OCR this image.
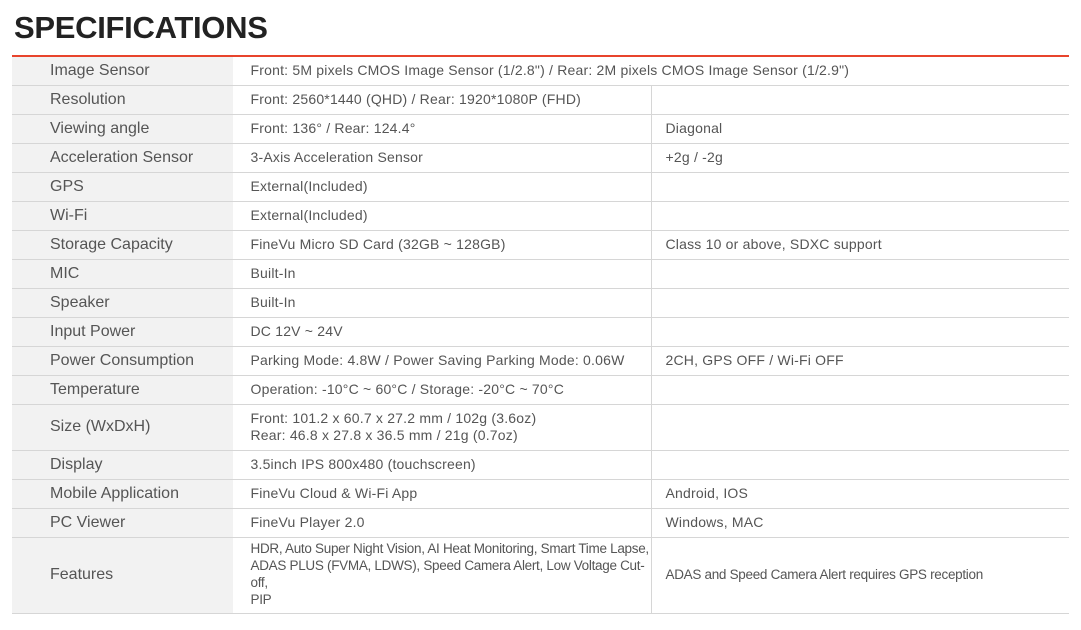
SPECIFICATIONS
Image Sensor	Front: 5M pixels CMOS Image Sensor (1/2.8") / Rear: 2M pixels CMOS Image Sensor (1/2.9")	
Resolution	Front: 2560*1440 (QHD) / Rear: 1920*1080P (FHD)	
Viewing angle	Front: 136° / Rear: 124.4°	Diagonal
Acceleration Sensor	3-Axis Acceleration Sensor	+2g / -2g
GPS	External(Included)	
Wi-Fi	External(Included)	
Storage Capacity	FineVu Micro SD Card (32GB ~ 128GB)	Class 10 or above, SDXC support
MIC	Built-In	
Speaker	Built-In	
Input Power	DC 12V ~ 24V	
Power Consumption	Parking Mode: 4.8W / Power Saving Parking Mode: 0.06W	2CH, GPS OFF / Wi-Fi OFF
Temperature	Operation: -10°C ~ 60°C / Storage: -20°C ~ 70°C	
Size (WxDxH)	Front: 101.2 x 60.7 x 27.2 mm / 102g (3.6oz)
Rear: 46.8 x 27.8 x 36.5 mm / 21g (0.7oz)	

Display	3.5inch IPS 800x480 (touchscreen)	
Mobile Application	FineVu Cloud & Wi-Fi App	Android, IOS
PC Viewer	FineVu Player 2.0	Windows, MAC
Features	HDR, Auto Super Night Vision, AI Heat Monitoring, Smart Time Lapse,
ADAS PLUS (FVMA, LDWS), Speed Camera Alert, Low Voltage Cut-off,
PIP	ADAS and Speed Camera Alert requires GPS reception
